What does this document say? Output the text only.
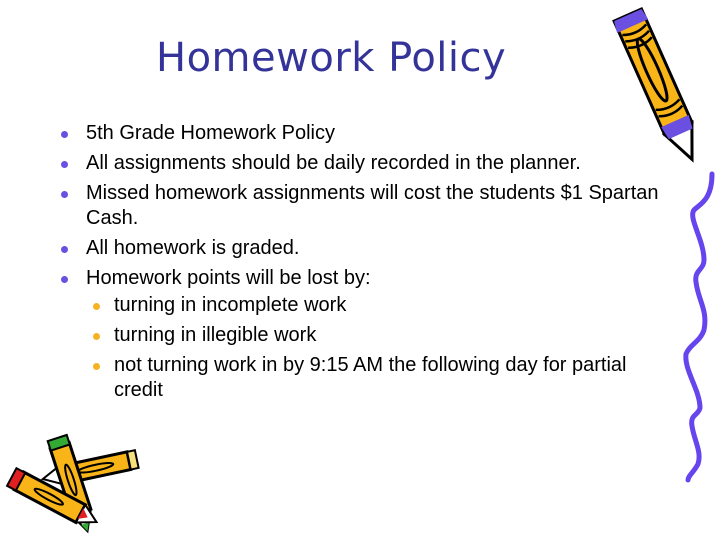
Homework Policy
5th Grade Homework Policy
All assignments should be daily recorded in the planner.
Missed homework assignments will cost the students $1 Spartan Cash.
All homework is graded.
Homework points will be lost by:
turning in incomplete work
turning in illegible work
not turning work in by 9:15 AM the following day for partial credit
